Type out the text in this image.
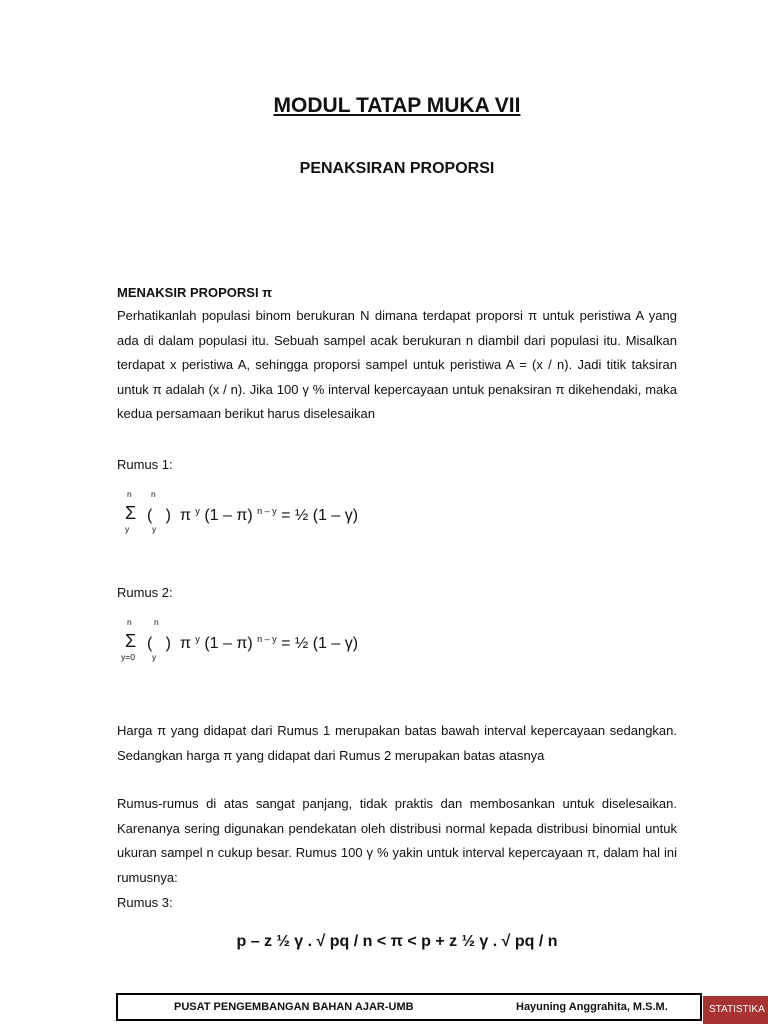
MODUL TATAP MUKA VII
PENAKSIRAN PROPORSI
MENAKSIR PROPORSI π

Perhatikanlah populasi binom berukuran N dimana terdapat proporsi π untuk peristiwa A yang ada di dalam populasi itu. Sebuah sampel acak berukuran n diambil dari populasi itu. Misalkan terdapat x peristiwa A, sehingga proporsi sampel untuk peristiwa A = (x / n). Jadi titik taksiran untuk π adalah (x / n). Jika 100 γ % interval kepercayaan untuk penaksiran π dikehendaki, maka kedua persamaan berikut harus diselesaikan

Rumus 1:
n
Σ
y
n
y
(   )  π $^y$ (1 – π) $^{n - y}$ = ½ (1 – γ)
Rumus 2:
n
Σ
y=0
n
y
(   )  π $^y$ (1 – π) $^{n - y}$ = ½ (1 – γ)

Harga π yang didapat dari Rumus 1 merupakan batas bawah interval kepercayaan sedangkan. Sedangkan harga π yang didapat dari Rumus 2 merupakan batas atasnya

Rumus-rumus di atas sangat panjang, tidak praktis dan membosankan untuk diselesaikan. Karenanya sering digunakan pendekatan oleh distribusi normal kepada distribusi binomial untuk ukuran sampel n cukup besar. Rumus 100 γ % yakin untuk interval kepercayaan π, dalam hal ini rumusnya:

Rumus 3:
p – z ½ γ . √ pq / n < π < p + z ½ γ . √ pq / n
PUSAT PENGEMBANGAN BAHAN AJAR-UMB	Hayuning Anggrahita, M.S.M.	STATISTIKA
